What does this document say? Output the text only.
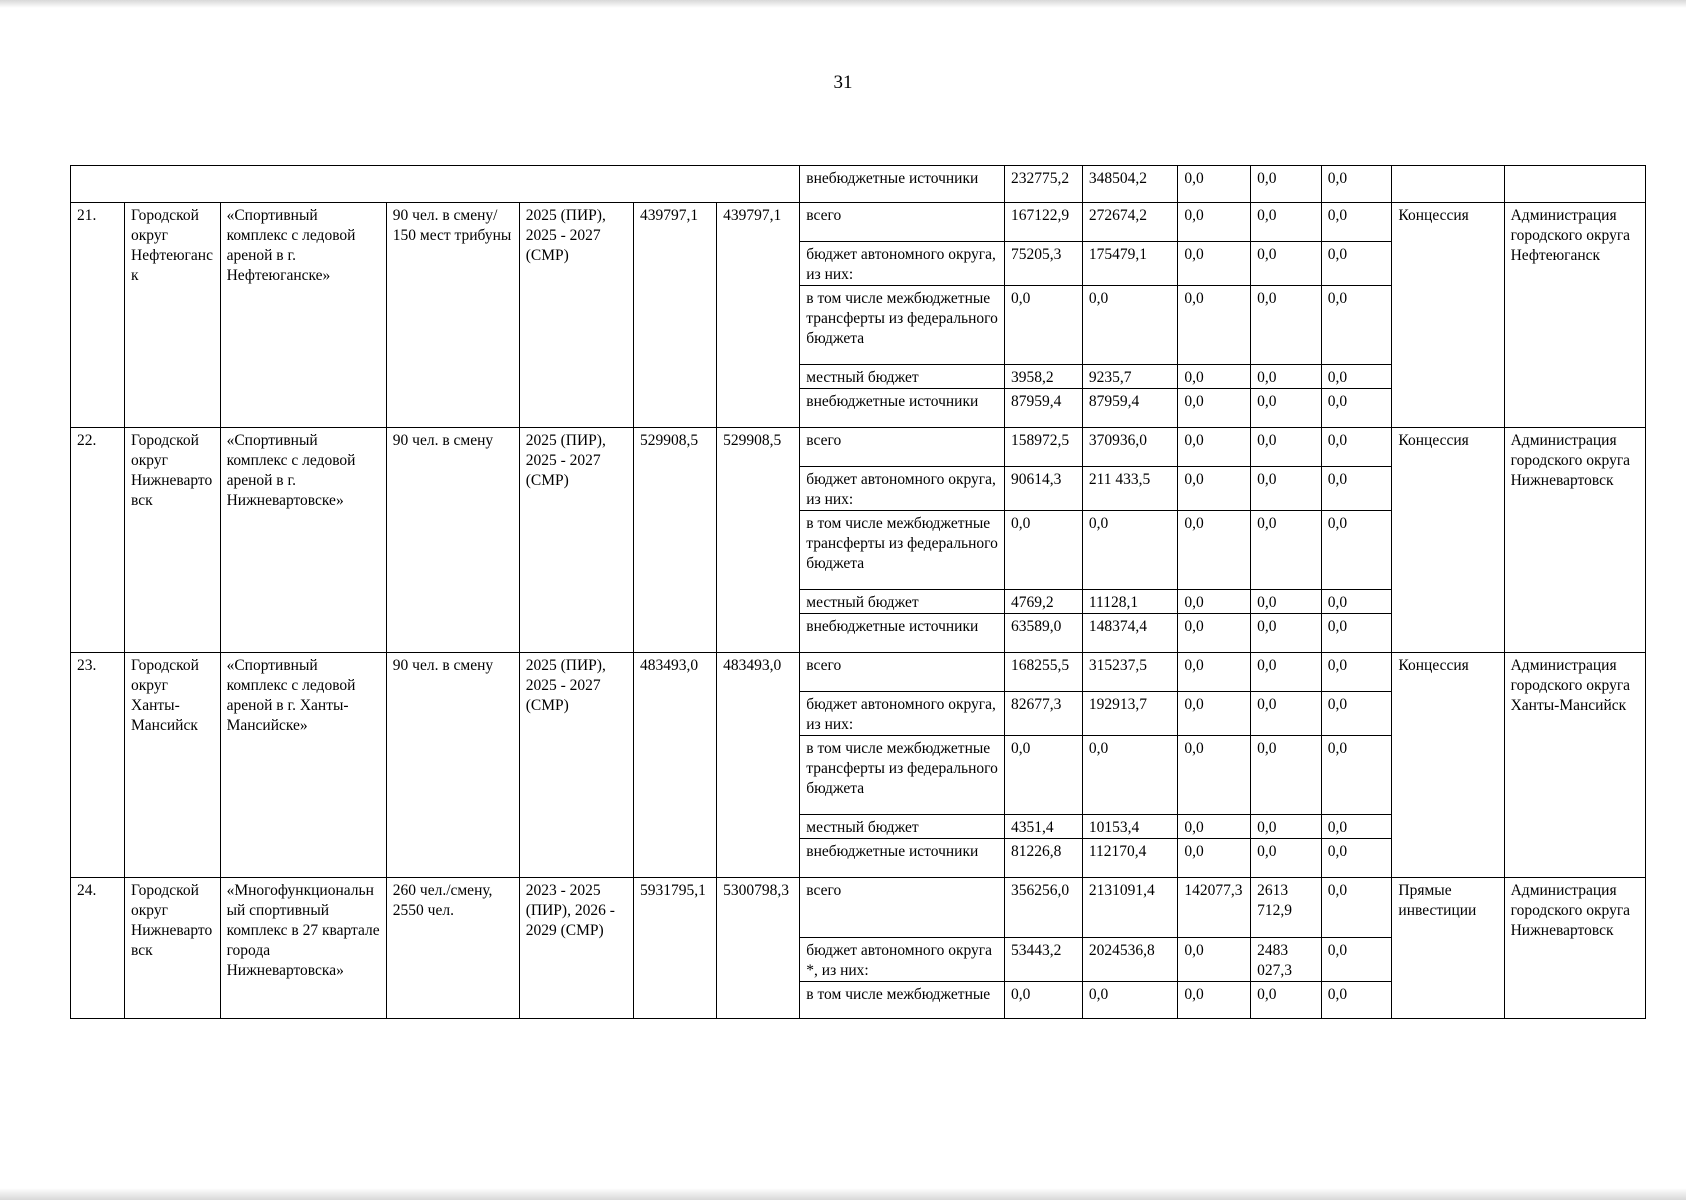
31
							внебюджетные источники	232775,2	348504,2	0,0	0,0	0,0		
21.	Городской округ Нефтеюганск	«Спортивный комплекс с ледовой ареной в г. Нефтеюганске»	90 чел. в смену/ 150 мест трибуны	2025 (ПИР), 2025 - 2027 (СМР)	439797,1	439797,1	всего	167122,9	272674,2	0,0	0,0	0,0	Концессия	Администрация городского округа Нефтеюганск
							бюджет автономного округа, из них:	75205,3	175479,1	0,0	0,0	0,0		
							в том числе межбюджетные трансферты из федерального бюджета	0,0	0,0	0,0	0,0	0,0		
							местный бюджет	3958,2	9235,7	0,0	0,0	0,0		
							внебюджетные источники	87959,4	87959,4	0,0	0,0	0,0		
22.	Городской округ Нижневартовск	«Спортивный комплекс с ледовой ареной в г. Нижневартовске»	90 чел. в смену	2025 (ПИР), 2025 - 2027 (СМР)	529908,5	529908,5	всего	158972,5	370936,0	0,0	0,0	0,0	Концессия	Администрация городского округа Нижневартовск
							бюджет автономного округа, из них:	90614,3	211 433,5	0,0	0,0	0,0		
							в том числе межбюджетные трансферты из федерального бюджета	0,0	0,0	0,0	0,0	0,0		
							местный бюджет	4769,2	11128,1	0,0	0,0	0,0		
							внебюджетные источники	63589,0	148374,4	0,0	0,0	0,0		
23.	Городской округ Ханты-Мансийск	«Спортивный комплекс с ледовой ареной в г. Ханты-Мансийске»	90 чел. в смену	2025 (ПИР), 2025 - 2027 (СМР)	483493,0	483493,0	всего	168255,5	315237,5	0,0	0,0	0,0	Концессия	Администрация городского округа Ханты-Мансийск
							бюджет автономного округа, из них:	82677,3	192913,7	0,0	0,0	0,0		
							в том числе межбюджетные трансферты из федерального бюджета	0,0	0,0	0,0	0,0	0,0		
							местный бюджет	4351,4	10153,4	0,0	0,0	0,0		
							внебюджетные источники	81226,8	112170,4	0,0	0,0	0,0		
24.	Городской округ Нижневартовск	«Многофункциональный спортивный комплекс в 27 квартале города Нижневартовска»	260 чел./смену, 2550 чел.	2023 - 2025 (ПИР), 2026 - 2029 (СМР)	5931795,1	5300798,3	всего	356256,0	2131091,4	142077,3	2613 712,9	0,0	Прямые инвестиции	Администрация городского округа Нижневартовск
							бюджет автономного округа *, из них:	53443,2	2024536,8	0,0	2483 027,3	0,0		
							в том числе межбюджетные	0,0	0,0	0,0	0,0	0,0		
